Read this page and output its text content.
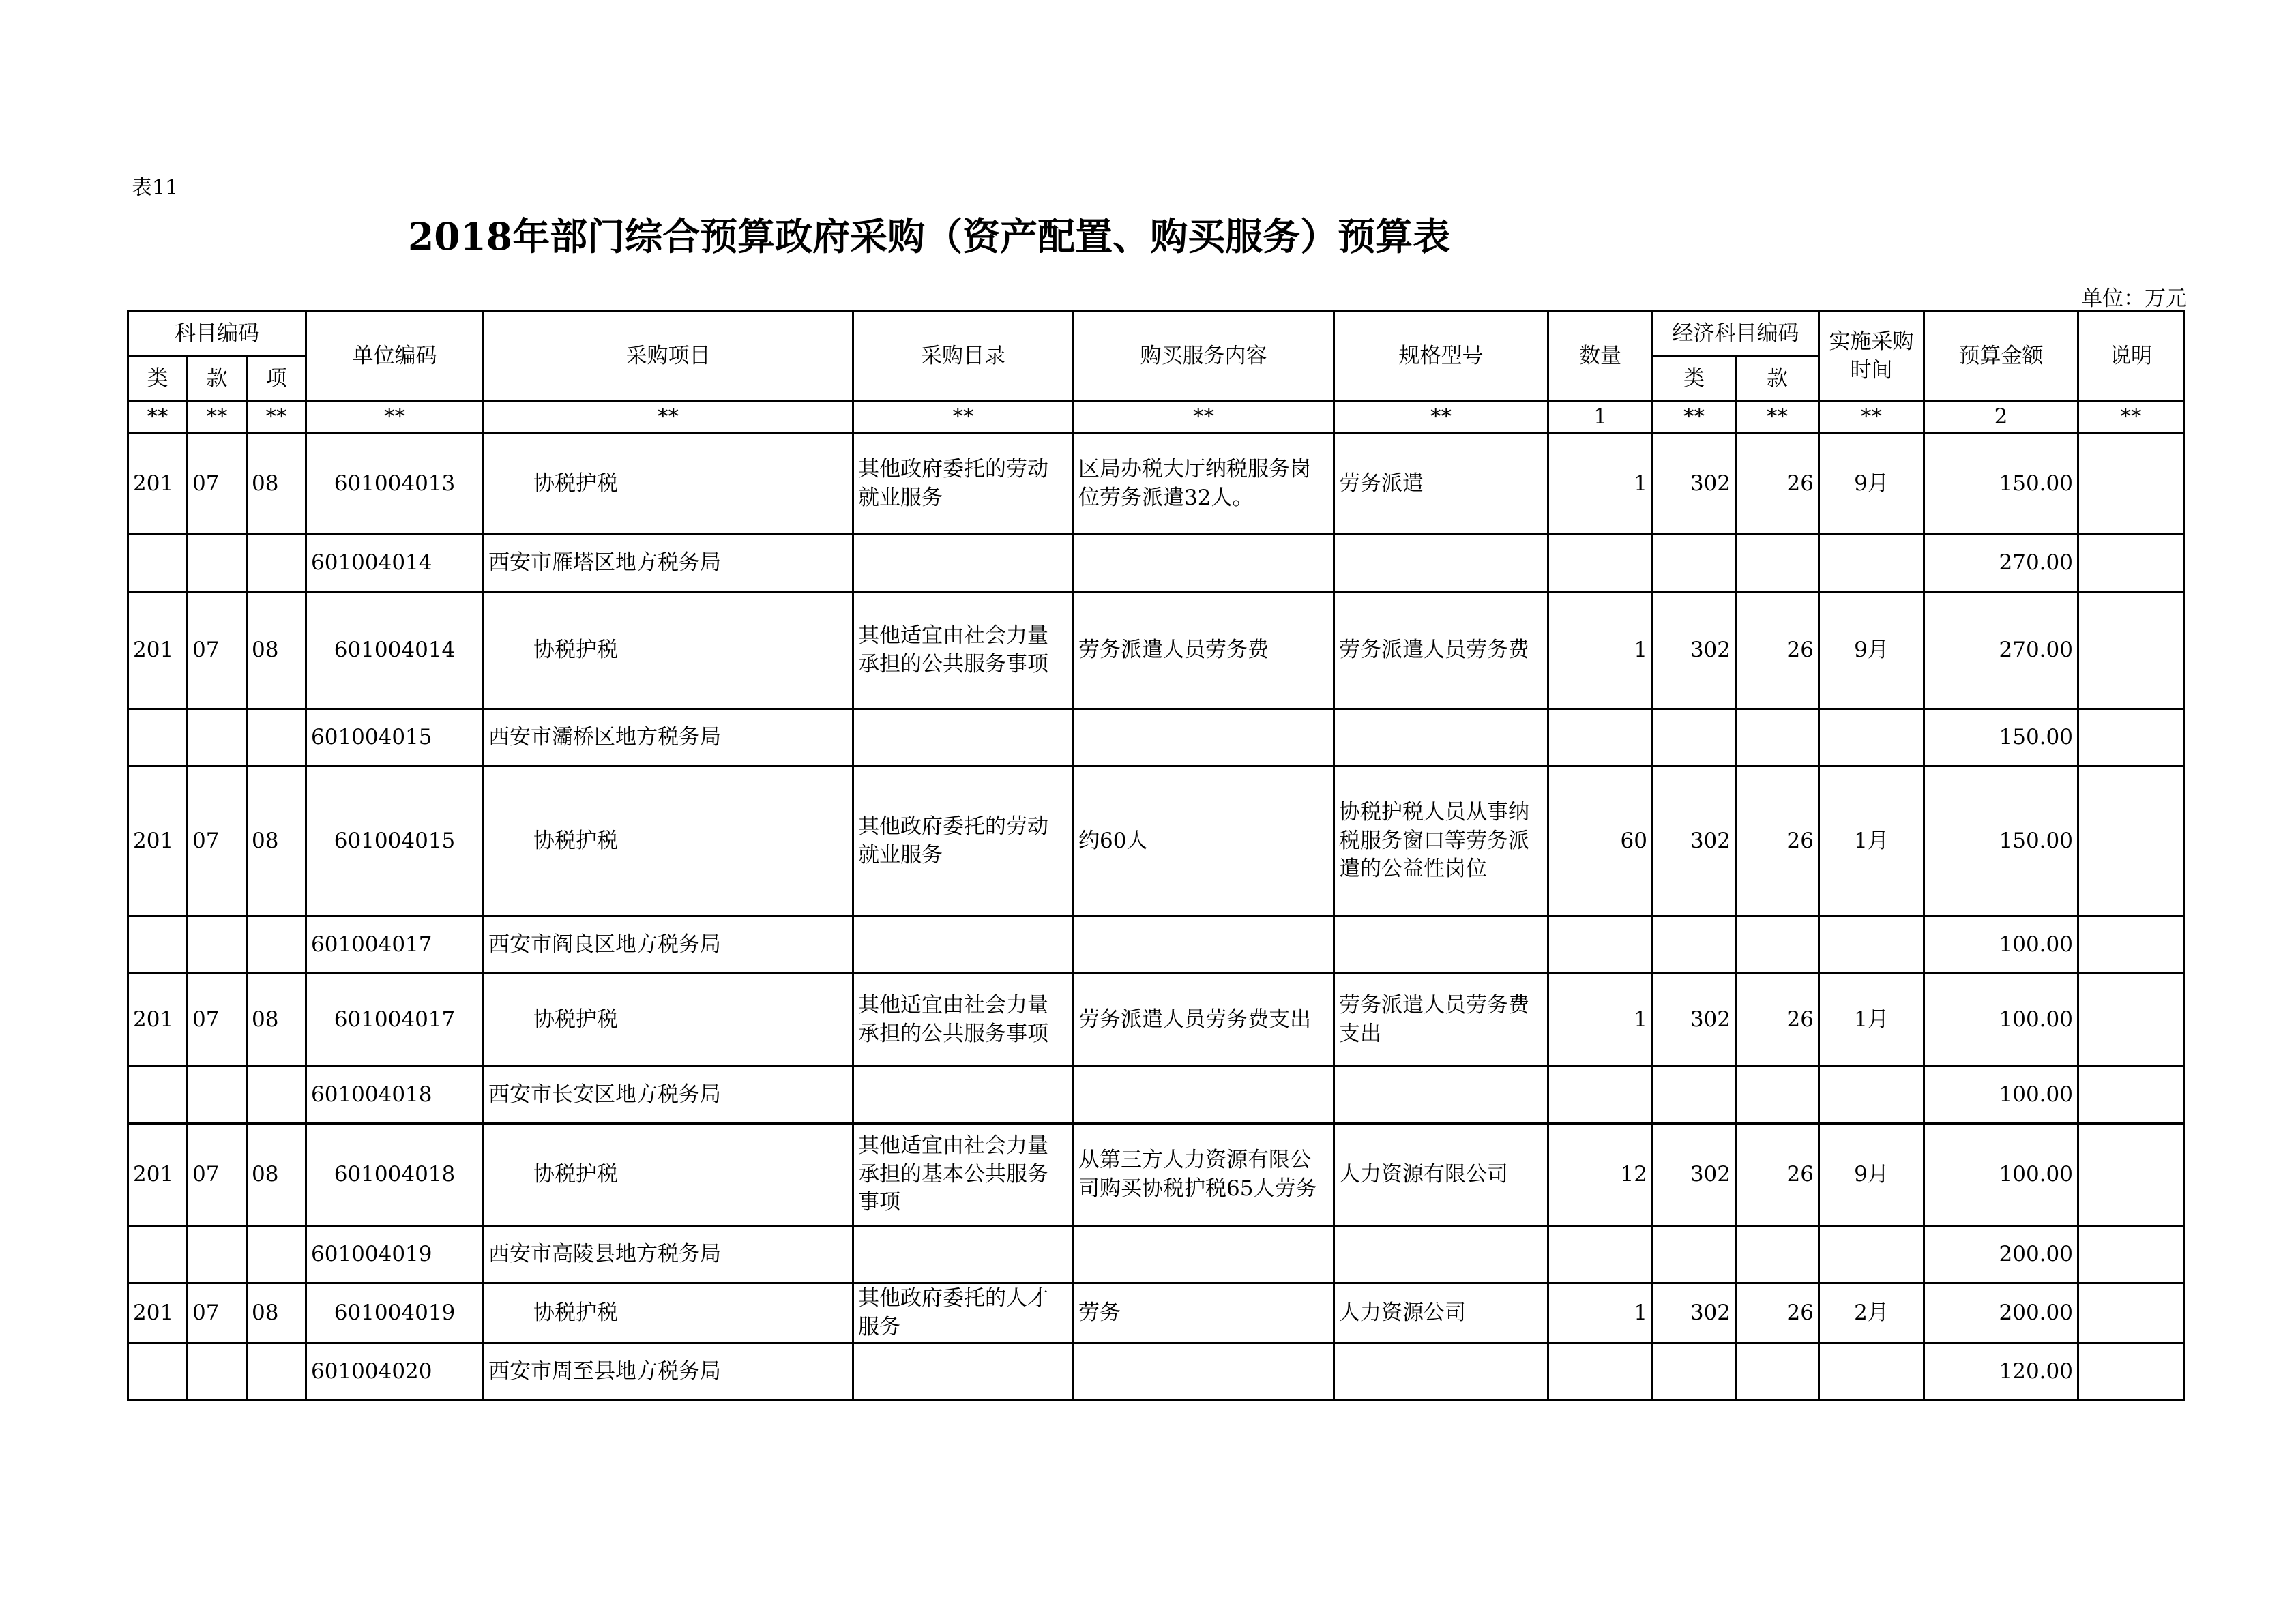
表11
2018年部门综合预算政府采购（资产配置、购买服务）预算表
单位：万元
科目编码			单位编码	采购项目	采购目录	购买服务内容	规格型号	数量	经济科目编码		实施采购时间	预算金额	说明
类	款	项							类	款			
**	**	**	**	**	**	**	**	1	**	**	**	2	**
201	07	08	601004013	协税护税	其他政府委托的劳动就业服务	区局办税大厅纳税服务岗位劳务派遣32人。	劳务派遣	1	302	26	9月	150.00	
			601004014	西安市雁塔区地方税务局								270.00	
201	07	08	601004014	协税护税	其他适宜由社会力量承担的公共服务事项	劳务派遣人员劳务费	劳务派遣人员劳务费	1	302	26	9月	270.00	
			601004015	西安市灞桥区地方税务局								150.00	
201	07	08	601004015	协税护税	其他政府委托的劳动就业服务	约60人	协税护税人员从事纳税服务窗口等劳务派遣的公益性岗位	60	302	26	1月	150.00	
			601004017	西安市阎良区地方税务局								100.00	
201	07	08	601004017	协税护税	其他适宜由社会力量承担的公共服务事项	劳务派遣人员劳务费支出	劳务派遣人员劳务费支出	1	302	26	1月	100.00	
			601004018	西安市长安区地方税务局								100.00	
201	07	08	601004018	协税护税	其他适宜由社会力量承担的基本公共服务事项	从第三方人力资源有限公司购买协税护税65人劳务	人力资源有限公司	12	302	26	9月	100.00	
			601004019	西安市高陵县地方税务局								200.00	
201	07	08	601004019	协税护税	其他政府委托的人才服务	劳务	人力资源公司	1	302	26	2月	200.00	
			601004020	西安市周至县地方税务局								120.00	
